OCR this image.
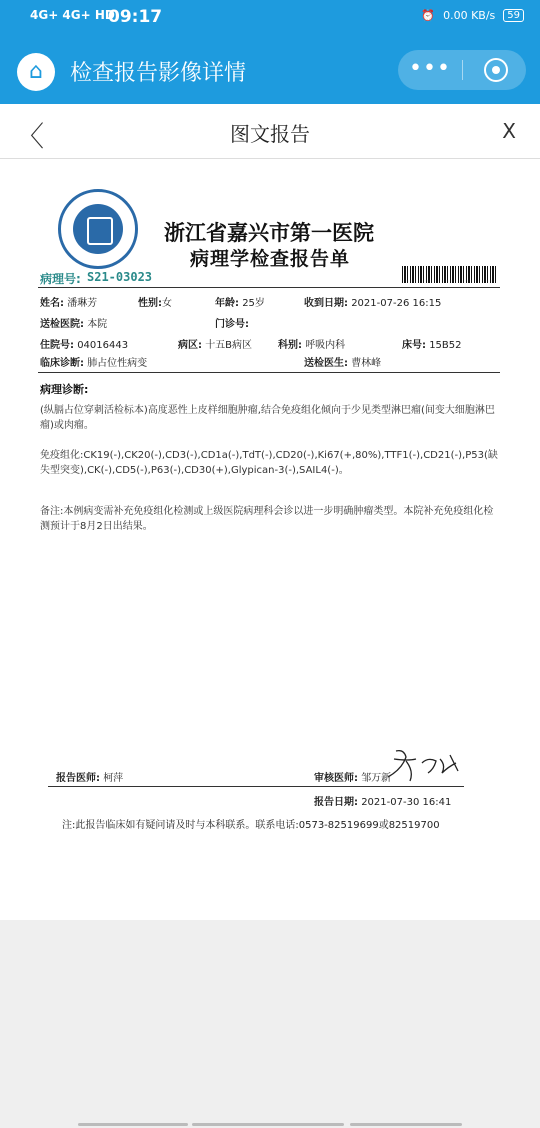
4G+ 4G+ HD
09:17	⏰ 0.00 KB/s	59
⌂	检查报告影像详情	•••
〈	图文报告	X
浙江省嘉兴市第一医院
病理学检查报告单
病理号: S21-03023
姓名: 潘琳芳	性别:女	年龄: 25岁	收到日期: 2021-07-26 16:15
送检医院: 本院	门诊号:
住院号: 04016443	病区: 十五B病区	科别: 呼吸内科	床号: 15B52
临床诊断: 肺占位性病变	送检医生: 曹林峰
病理诊断:
(纵膈占位穿刺活检标本)高度恶性上皮样细胞肿瘤,结合免疫组化倾向于少见类型淋巴瘤(间变大细胞淋巴瘤)或肉瘤。
免疫组化:CK19(-),CK20(-),CD3(-),CD1a(-),TdT(-),CD20(-),Ki67(+,80%),TTF1(-),CD21(-),P53(缺失型突变),CK(-),CD5(-),P63(-),CD30(+),Glypican-3(-),SAIL4(-)。
备注:本例病变需补充免疫组化检测或上级医院病理科会诊以进一步明确肿瘤类型。本院补充免疫组化检测预计于8月2日出结果。
报告医师: 柯萍	审核医师: 邹万新
报告日期: 2021-07-30 16:41
注:此报告临床如有疑问请及时与本科联系。联系电话:0573-82519699或82519700
